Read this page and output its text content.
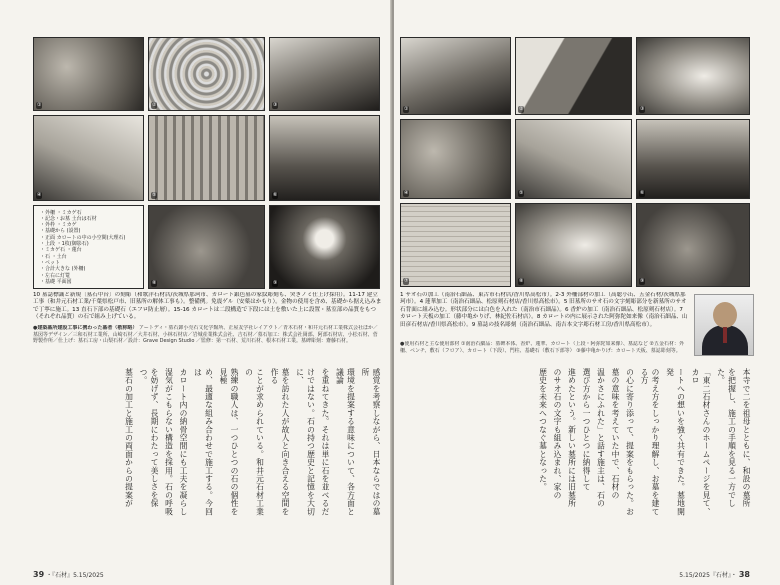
①	②	③
④	⑤	⑥
・外柵 ・ミカゲ石
・記念・お墓 土台は石材
・外枠 ・ミカゲ
・基礎から (設置)
・正面 カロートの中の小空間(大理石)
・上段 ・1枚(御影石)
・ミカゲ石 ・蓮台
・石 ・土台
・ペット
・合計大きな (外柵)
・左右に灯篭
・基礎 平面図	⑧	⑨
10 墓誌標識と新規〔墓石中台〕の刻彫（和歌洋石材店/茨城県那珂市、カロート銀色墓の家紋彫刻も、突きノミ仕上げ採用）。11-17 建立工事（和井元石材工業/千葉県松戸市、旧墓所の解体工事も）。整備例。免震ゲル（安薬はかもり）。金物の使用を含め、基礎から据え込みまで丁寧に施工。13 直石下部の基礎石（エフロ防止層）。15-16 カロートは二段構造で下段には土を敷いた上に設置・墓室部の品質をもつ（それぞれ品質）の石で組み上げている。
●建築墓所建設工事に携わった墓者（敬称略） アートディ・墓石卸小売石文化学館所、正屋友学社レイアウト／青木石材・和井元石材工業株式会社ほか／墓図等デザイン／三和石材工業所、山崎石材／大井石材、小林石材店／岩城産業株式会社、吉石材／墓石加工：株式会社岡部、阿部石材店、小松石材、菅野製作所／仕上げ：墓石工房・山梨石材／設計：Grave Design Studio ／監修：第一石材、荒川石材、根本石材工業。墓碑彫刻：齋藤石材。
感覚を考察しながら、日本ならではの墓所
環境を提案する意味について、各方面と議論
を重ねてきた。それは単に石を並べるだ
けではない。石の持つ歴史と記憶を大切に、
墓を訪れた人が故人と向き合える空間を作る
ことが求められている。和井元石材工業の
熟練の職人は、一つひとつの石の個性を見極
め、最適な組み合わせで施工する。今回は
カロート内の納骨空間にも工夫を凝らし
湿気がこもらない構造を採用。石の呼吸
を妨げず、長期にわたって美しさを保つ。
墓石の加工と施工の両面からの提案が
39 ・『石材』5.15/2025
①	②	③
④	⑤	⑥
⑦	⑧	⑨
1 サオ石の加工（南治石細品、東古市石材店/香川県高松市）。2-3 外柵部材の加工（高聡小缶、五金石材/茨城県那珂市）。4 蓮華加工（南治石細品、松原剣石材店/香川県高松市）。5 旧墓所のサオ石の文字刻彫部分を新墓所のサオ石背面に組み込む。形状部分には白色を入れた（南治市石細品）。6 香炉の加工（南治石細品、松原剣石材店）。7 カロート天板の加工（藤中亀かりげ、林紀佐石材店）。8 カロートの内に展示された阿弥陀如来像（南治石細品、山田彦石材店/香川県高松市）。9 墓誌の技名彫刻（南治石細品、南吉本文字彫石材工房/香川県高松市）。
●使用石材と主な使用部材 ①南治石細品：墓碑本体、香炉、蓮華、カロート（上段・阿弥陀如来像）、墓誌など ②五金石材：外柵、ペンチ、敷石（フロア）、カロート（下段）、門柱、基礎石（敷石下部等） ③藤中亀かりげ：カロート天板、墓誌彫刻等。
本寺で二を祖母とともに、和設の墓所
を把握し、施工の手順を見る一方でした。
「東二石材さんのホームページを見て、カロ
ートへの想いを強く共有できた。墓地開発
の考え方をしっかり理解し、お墓を建てる方
の心に寄り添って、提案をもらった。お
墓の意味を考えていた中で、石材の
温かさにふれた」と話す施主は、石の
選び方から一つひとつに納得して
進めたという。新しい墓所には旧墓所
のサオ石の文字も組み込まれ、家の
歴史を未来へつなぐ墓となった。
5.15/2025『石材』・ 38
